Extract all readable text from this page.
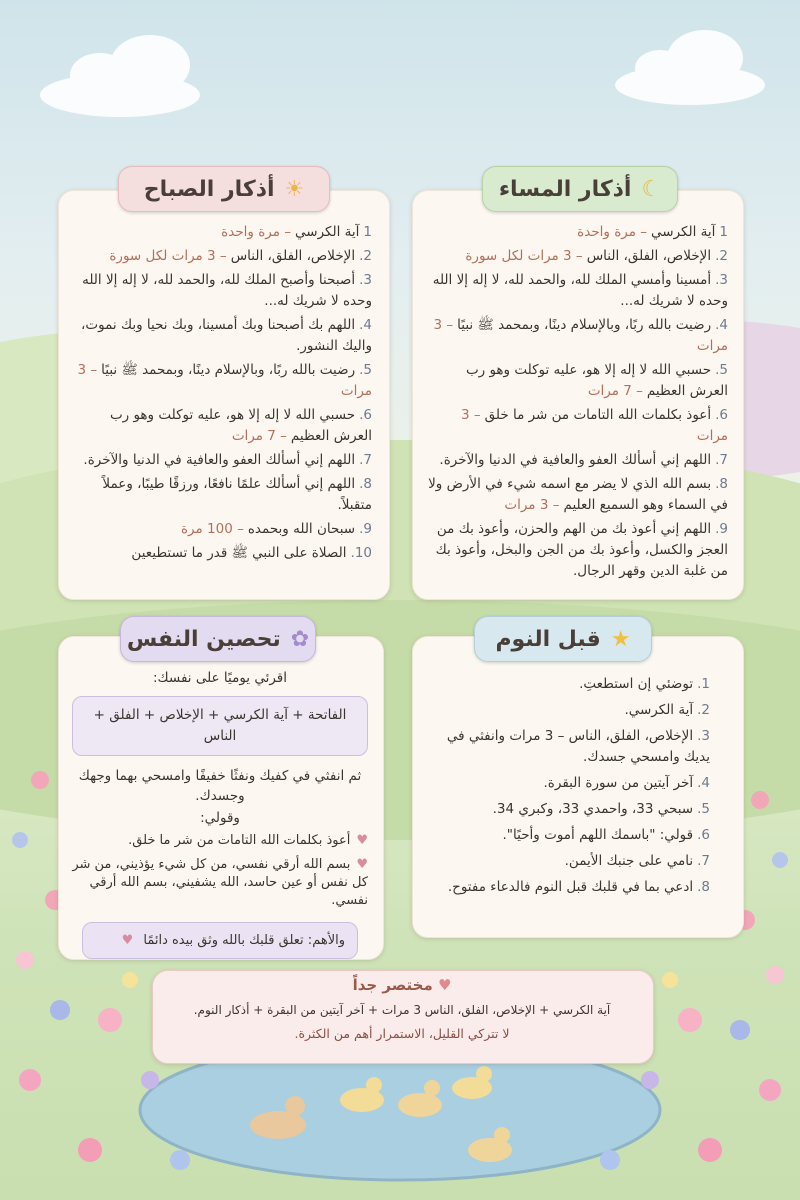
☀
أذكار الصباح
1آية الكرسي– مرة واحدة
2.الإخلاص، الفلق، الناس– 3 مرات لكل سورة
3.أصبحنا وأصبح الملك لله، والحمد لله، لا إله إلا الله وحده لا شريك له...
4.اللهم بك أصبحنا وبك أمسينا، وبك نحيا وبك نموت، واليك النشور.
5.رضيت بالله ربًا، وبالإسلام دينًا، وبمحمد ﷺ نبيًا– 3 مرات
6.حسبي الله لا إله إلا هو، عليه توكلت وهو رب العرش العظيم– 7 مرات
7.اللهم إني أسألك العفو والعافية في الدنيا والآخرة.
8.اللهم إني أسألك علمًا نافعًا، ورزقًا طيبًا، وعملاً متقبلاً.
9.سبحان الله وبحمده– 100 مرة
10.الصلاة على النبي ﷺ قدر ما تستطيعين
☾
أذكار المساء
1آية الكرسي– مرة واحدة
2.الإخلاص، الفلق، الناس– 3 مرات لكل سورة
3.أمسينا وأمسي الملك لله، والحمد لله، لا إله إلا الله وحده لا شريك له...
4.رضيت بالله ربًا، وبالإسلام دينًا، وبمحمد ﷺ نبيًا– 3 مرات
5.حسبي الله لا إله إلا هو، عليه توكلت وهو رب العرش العظيم– 7 مرات
6.أعوذ بكلمات الله التامات من شر ما خلق– 3 مرات
7.اللهم إني أسألك العفو والعافية في الدنيا والآخرة.
8.بسم الله الذي لا يضر مع اسمه شيء في الأرض ولا في السماء وهو السميع العليم– 3 مرات
9.اللهم إني أعوذ بك من الهم والحزن، وأعوذ بك من العجز والكسل، وأعوذ بك من الجن والبخل، وأعوذ بك من غلبة الدين وقهر الرجال.
✿
تحصين النفس
اقرئي يوميًا على نفسك:
الفاتحة + آية الكرسي + الإخلاص + الفلق + الناس
ثم انفثي في كفيك ونفثًا خفيفًا وامسحي بهما وجهك وجسدك.
وقولي:
♥أعوذ بكلمات الله التامات من شر ما خلق.
♥بسم الله أرقي نفسي، من كل شيء يؤذيني، من شر كل نفس أو عين حاسد، الله يشفيني، بسم الله أرقي نفسي.
والأهم: تعلق قلبك بالله وثق بيده دائمًا ♥
★
قبل النوم
1.توضئي إن استطعتِ.
2.آية الكرسي.
3.الإخلاص، الفلق، الناس – 3 مرات وانفثي في يديك وامسحي جسدك.
4.آخر آيتين من سورة البقرة.
5.سبحي 33، واحمدي 33، وكبري 34.
6.قولي: "باسمك اللهم أموت وأحيًا".
7.نامي على جنبك الأيمن.
8.ادعي بما في قلبك قبل النوم فالدعاء مفتوح.
♥ مختصر جداً
آية الكرسي + الإخلاص، الفلق، الناس 3 مرات + آخر آيتين من البقرة + أذكار النوم.
لا تتركي القليل، الاستمرار أهم من الكثرة.
